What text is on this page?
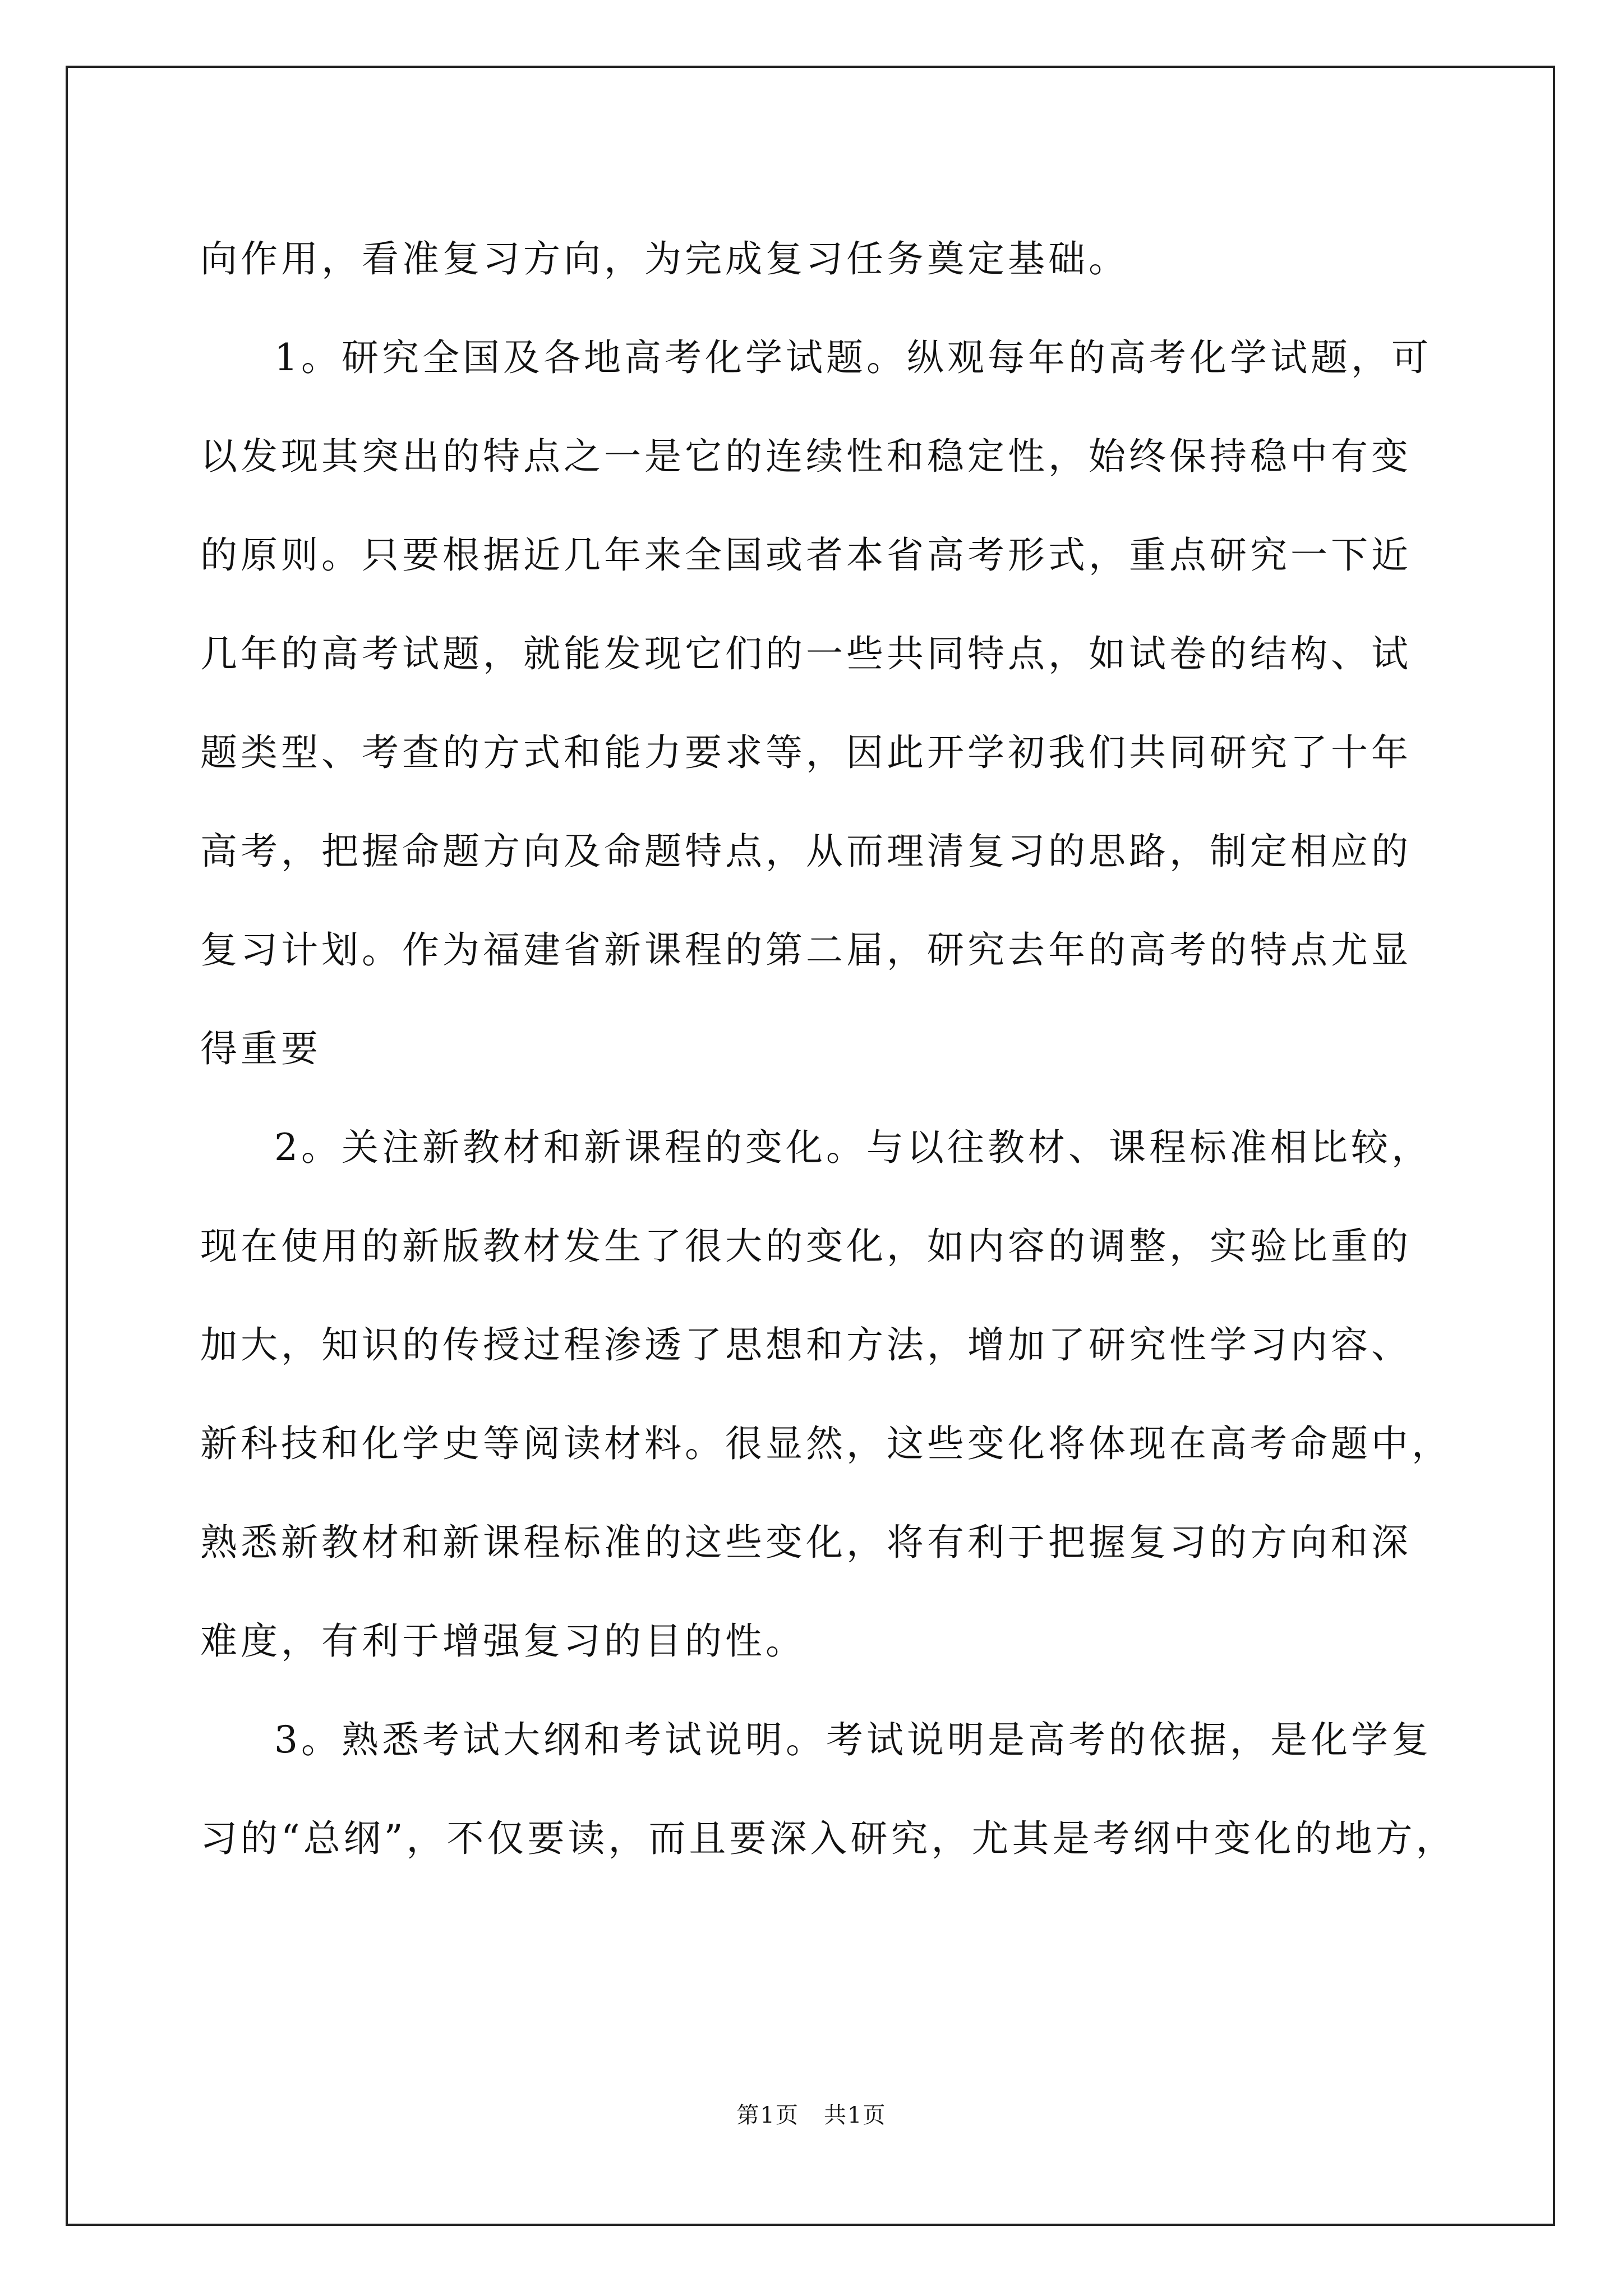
向作用，看准复习方向，为完成复习任务奠定基础。
1。研究全国及各地高考化学试题。纵观每年的高考化学试题，可
以发现其突出的特点之一是它的连续性和稳定性，始终保持稳中有变
的原则。只要根据近几年来全国或者本省高考形式，重点研究一下近
几年的高考试题，就能发现它们的一些共同特点，如试卷的结构、试
题类型、考查的方式和能力要求等，因此开学初我们共同研究了十年
高考，把握命题方向及命题特点，从而理清复习的思路，制定相应的
复习计划。作为福建省新课程的第二届，研究去年的高考的特点尤显
得重要
2。关注新教材和新课程的变化。与以往教材、课程标准相比较，
现在使用的新版教材发生了很大的变化，如内容的调整，实验比重的
加大，知识的传授过程渗透了思想和方法，增加了研究性学习内容、
新科技和化学史等阅读材料。很显然，这些变化将体现在高考命题中，
熟悉新教材和新课程标准的这些变化，将有利于把握复习的方向和深
难度，有利于增强复习的目的性。
3。熟悉考试大纲和考试说明。考试说明是高考的依据，是化学复
习的“总纲”，不仅要读，而且要深入研究，尤其是考纲中变化的地方，
第1页 共1页
